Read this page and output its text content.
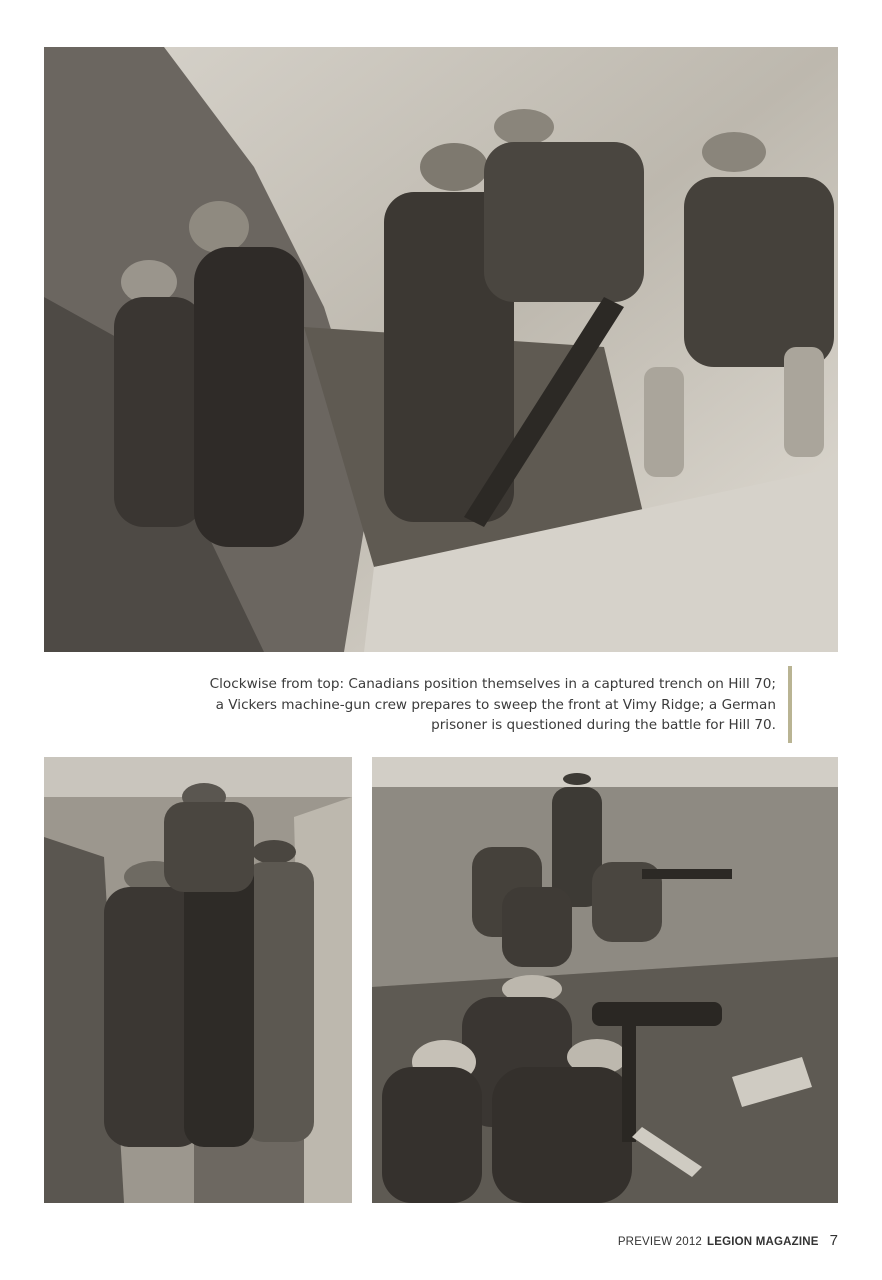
Clockwise from top: Canadians position themselves in a captured trench on Hill 70;
a Vickers machine-gun crew prepares to sweep the front at Vimy Ridge; a German
prisoner is questioned during the battle for Hill 70.
PREVIEW 2012 LEGION MAGAZINE 7
